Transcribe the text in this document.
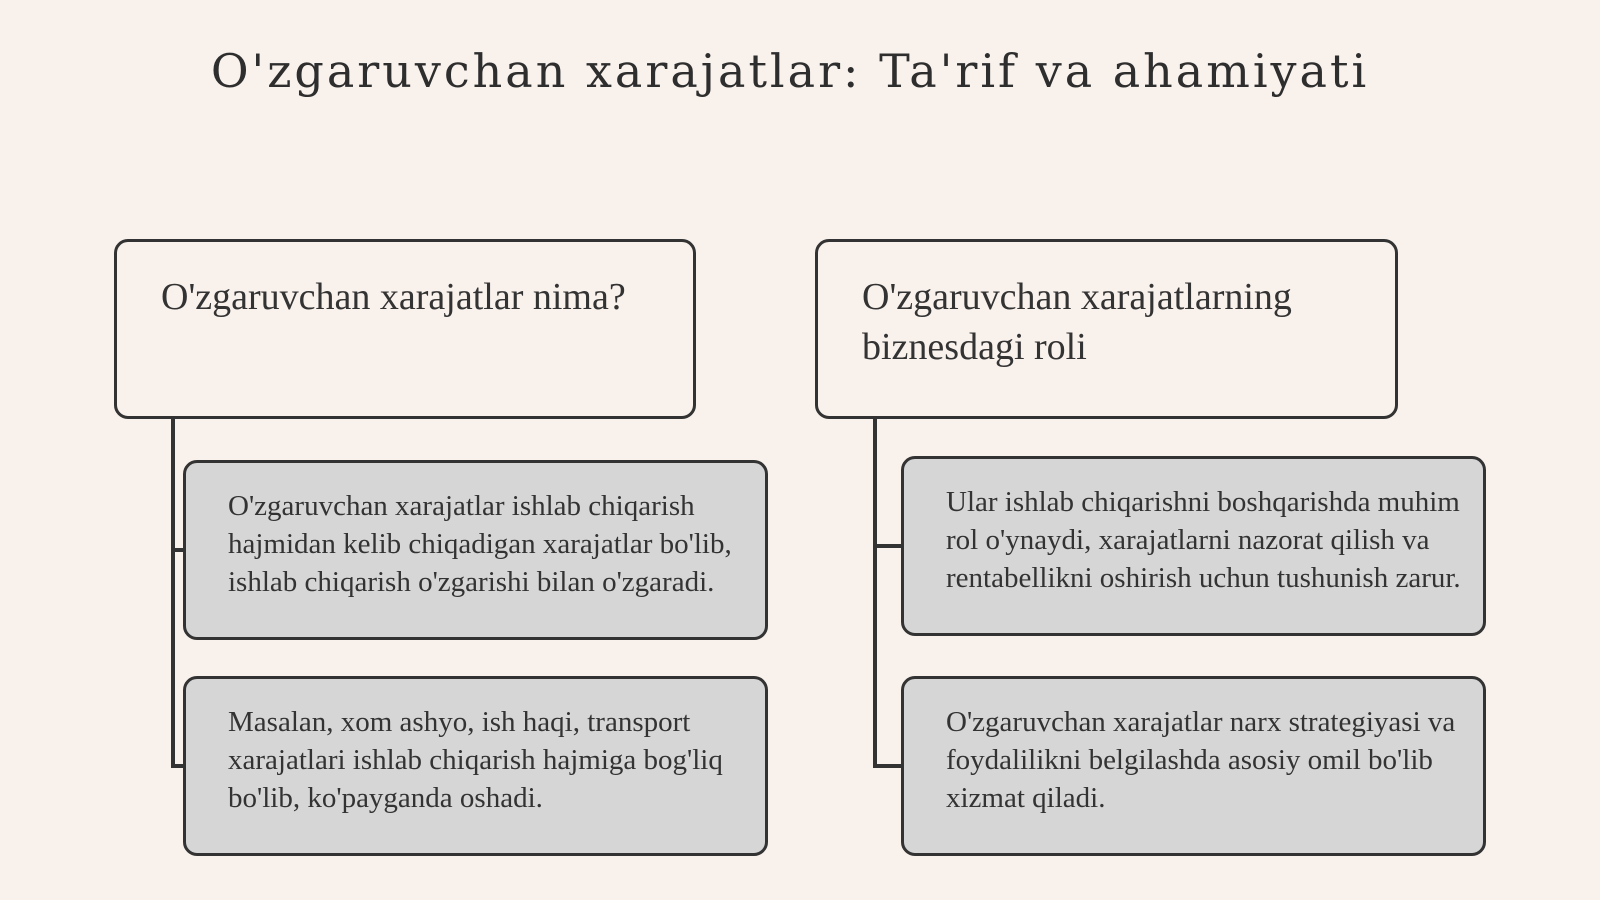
O'zgaruvchan xarajatlar: Ta'rif va ahamiyati
O'zgaruvchan xarajatlar nima?	O'zgaruvchan xarajatlarning biznesdagi roli
O'zgaruvchan xarajatlar ishlab chiqarish hajmidan kelib chiqadigan xarajatlar bo'lib, ishlab chiqarish o'zgarishi bilan o'zgaradi.
Masalan, xom ashyo, ish haqi, transport xarajatlari ishlab chiqarish hajmiga bog'liq bo'lib, ko'payganda oshadi.
Ular ishlab chiqarishni boshqarishda muhim rol o'ynaydi, xarajatlarni nazorat qilish va rentabellikni oshirish uchun tushunish zarur.
O'zgaruvchan xarajatlar narx strategiyasi va foydalilikni belgilashda asosiy omil bo'lib xizmat qiladi.
